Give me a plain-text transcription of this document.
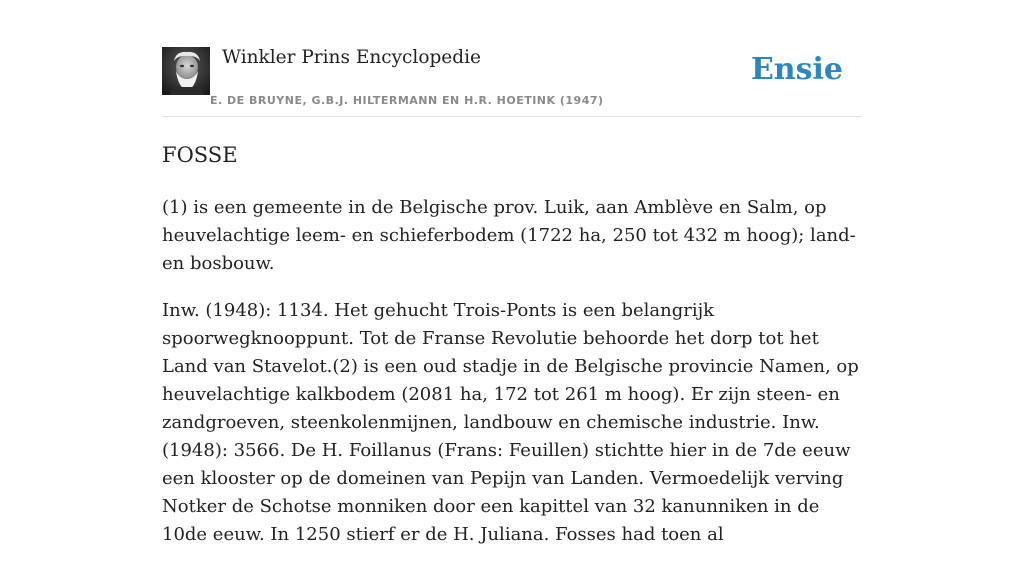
Winkler Prins Encyclopedie
E. DE BRUYNE, G.B.J. HILTERMANN EN H.R. HOETINK (1947)
Ensie
FOSSE

(1) is een gemeente in de Belgische prov. Luik, aan Amblève en Salm, op heuvelachtige leem- en schieferbodem (1722 ha, 250 tot 432 m hoog); land- en bosbouw.

Inw. (1948): 1134. Het gehucht Trois-Ponts is een belangrijk spoorwegknooppunt. Tot de Franse Revolutie behoorde het dorp tot het Land van Stavelot.(2) is een oud stadje in de Belgische provincie Namen, op heuvelachtige kalkbodem (2081 ha, 172 tot 261 m hoog). Er zijn steen- en zandgroeven, steenkolenmijnen, landbouw en chemische industrie. Inw. (1948): 3566. De H. Foillanus (Frans: Feuillen) stichtte hier in de 7de eeuw een klooster op de domeinen van Pepijn van Landen. Vermoedelijk verving Notker de Schotse monniken door een kapittel van 32 kanunniken in de 10de eeuw. In 1250 stierf er de H. Juliana. Fosses had toen al
